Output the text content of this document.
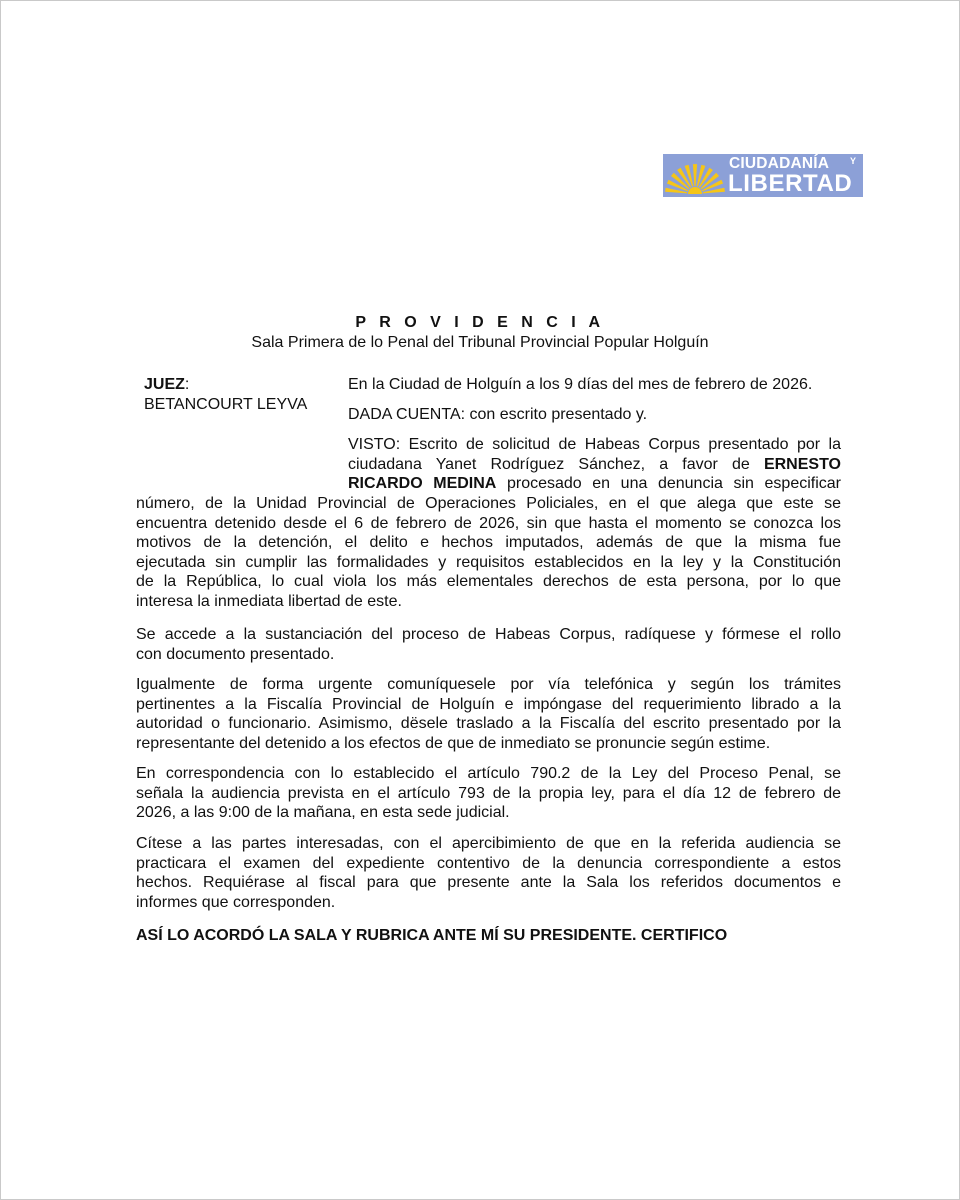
CIUDADANÍA Y
LIBERTAD
P R O V I D E N C I A
Sala Primera de lo Penal del Tribunal Provincial Popular Holguín
JUEZ:
BETANCOURT LEYVA
En la Ciudad de Holguín a los 9 días del mes de febrero de 2026.
DADA CUENTA: con escrito presentado y.
VISTO: Escrito de solicitud de Habeas Corpus presentado por la
ciudadana Yanet Rodríguez Sánchez, a favor de ERNESTO
RICARDO MEDINA procesado en una denuncia sin especificar
número, de la Unidad Provincial de Operaciones Policiales, en el que alega que este se
encuentra detenido desde el 6 de febrero de 2026, sin que hasta el momento se conozca los
motivos de la detención, el delito e hechos imputados, además de que la misma fue
ejecutada sin cumplir las formalidades y requisitos establecidos en la ley y la Constitución
de la República, lo cual viola los más elementales derechos de esta persona, por lo que
interesa la inmediata libertad de este.
Se accede a la sustanciación del proceso de Habeas Corpus, radíquese y fórmese el rollo
con documento presentado.
Igualmente de forma urgente comuníquesele por vía telefónica y según los trámites
pertinentes a la Fiscalía Provincial de Holguín e impóngase del requerimiento librado a la
autoridad o funcionario. Asimismo, dësele traslado a la Fiscalía del escrito presentado por la
representante del detenido a los efectos de que de inmediato se pronuncie según estime.
En correspondencia con lo establecido el artículo 790.2 de la Ley del Proceso Penal, se
señala la audiencia prevista en el artículo 793 de la propia ley, para el día 12 de febrero de
2026, a las 9:00 de la mañana, en esta sede judicial.
Cítese a las partes interesadas, con el apercibimiento de que en la referida audiencia se
practicara el examen del expediente contentivo de la denuncia correspondiente a estos
hechos. Requiérase al fiscal para que presente ante la Sala los referidos documentos e
informes que corresponden.
ASÍ LO ACORDÓ LA SALA Y RUBRICA ANTE MÍ SU PRESIDENTE. CERTIFICO
